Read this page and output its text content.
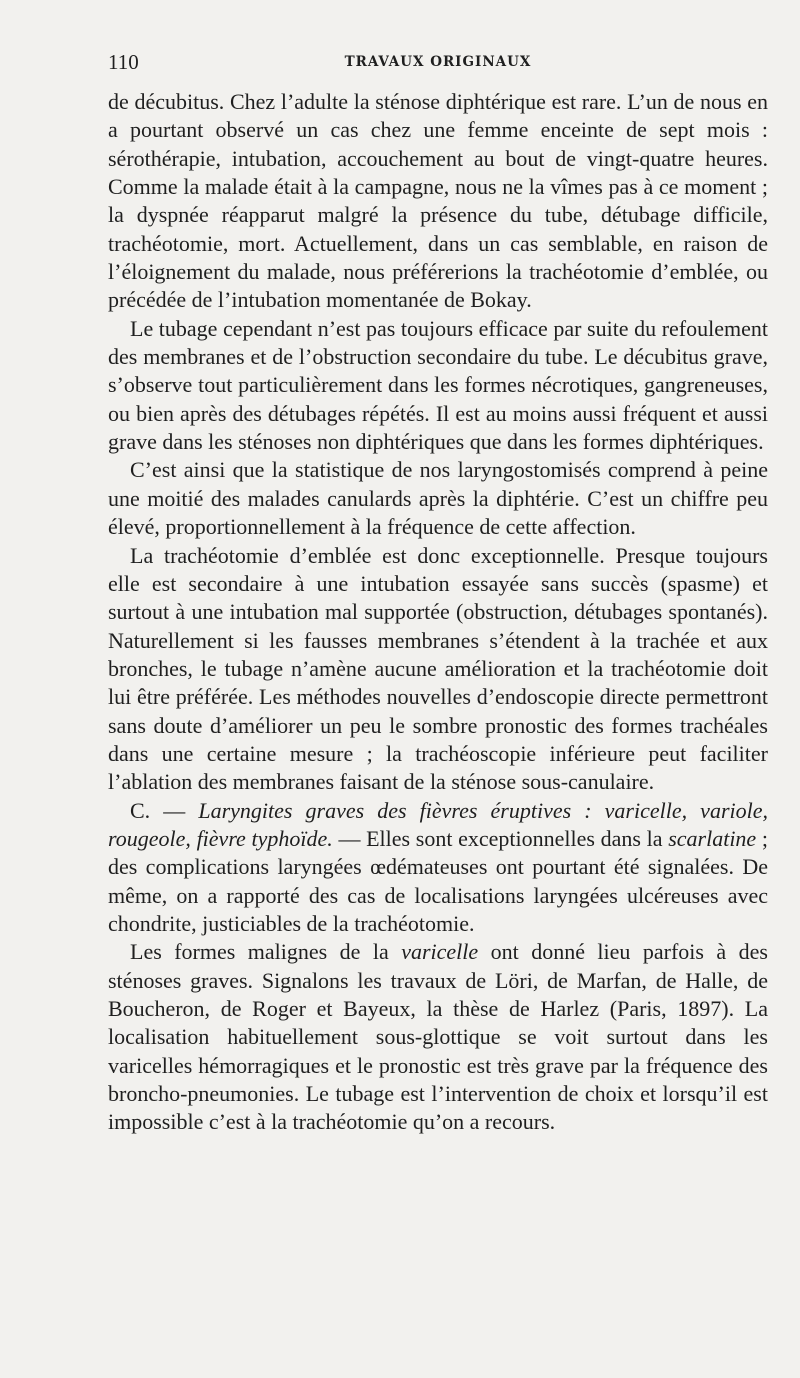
110	TRAVAUX ORIGINAUX

de décubitus. Chez l’adulte la sténose diphtérique est rare. L’un de nous en a pourtant observé un cas chez une femme enceinte de sept mois : sérothérapie, intubation, accouchement au bout de vingt-quatre heures. Comme la malade était à la campagne, nous ne la vîmes pas à ce moment ; la dyspnée réapparut malgré la présence du tube, détubage difficile, trachéotomie, mort. Actuellement, dans un cas semblable, en raison de l’éloignement du malade, nous préférerions la trachéotomie d’emblée, ou précédée de l’intubation momentanée de Bokay.

Le tubage cependant n’est pas toujours efficace par suite du refoulement des membranes et de l’obstruction secondaire du tube. Le décubitus grave, s’observe tout particulièrement dans les formes nécrotiques, gangreneuses, ou bien après des détubages répétés. Il est au moins aussi fréquent et aussi grave dans les sténoses non diphtériques que dans les formes diphtériques.

C’est ainsi que la statistique de nos laryngostomisés comprend à peine une moitié des malades canulards après la diphtérie. C’est un chiffre peu élevé, proportionnellement à la fréquence de cette affection.

La trachéotomie d’emblée est donc exceptionnelle. Presque toujours elle est secondaire à une intubation essayée sans succès (spasme) et surtout à une intubation mal supportée (obstruction, détubages spontanés). Naturellement si les fausses membranes s’étendent à la trachée et aux bronches, le tubage n’amène aucune amélioration et la trachéotomie doit lui être préférée. Les méthodes nouvelles d’endoscopie directe permettront sans doute d’améliorer un peu le sombre pronostic des formes trachéales dans une certaine mesure ; la trachéoscopie inférieure peut faciliter l’ablation des membranes faisant de la sténose sous-canulaire.

C. — Laryngites graves des fièvres éruptives : varicelle, variole, rougeole, fièvre typhoïde. — Elles sont exceptionnelles dans la scarlatine ; des complications laryngées œdémateuses ont pourtant été signalées. De même, on a rapporté des cas de localisations laryngées ulcéreuses avec chondrite, justiciables de la trachéotomie.

Les formes malignes de la varicelle ont donné lieu parfois à des sténoses graves. Signalons les travaux de Löri, de Marfan, de Halle, de Boucheron, de Roger et Bayeux, la thèse de Harlez (Paris, 1897). La localisation habituellement sous-glottique se voit surtout dans les varicelles hémorragiques et le pronostic est très grave par la fréquence des broncho-pneumonies. Le tubage est l’intervention de choix et lorsqu’il est impossible c’est à la trachéotomie qu’on a recours.
